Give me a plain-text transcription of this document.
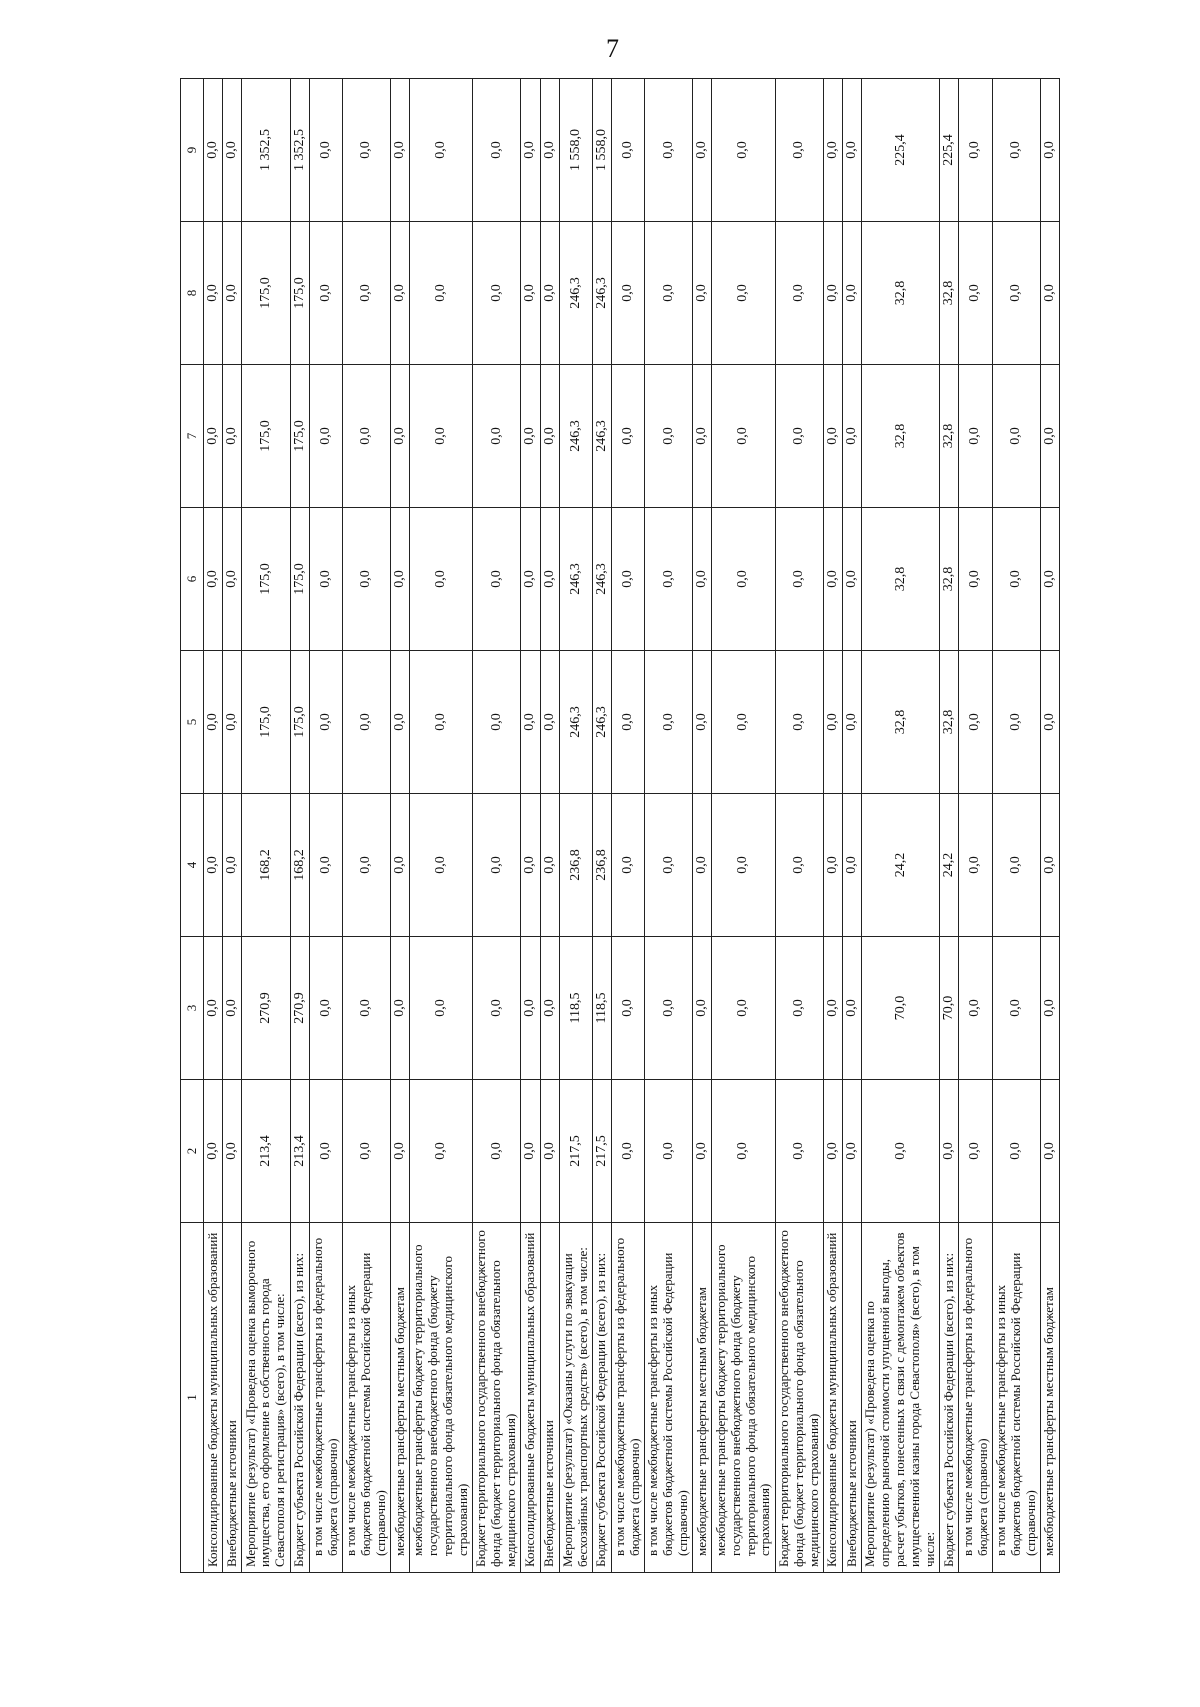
7
1	2	3	4	5	6	7	8	9
Консолидированные бюджеты муниципальных образований	0,0	0,0	0,0	0,0	0,0	0,0	0,0	0,0
Внебюджетные источники	0,0	0,0	0,0	0,0	0,0	0,0	0,0	0,0
Мероприятие (результат) «Проведена оценка выморочного имущества, его оформление в собственность города Севастополя и регистрация» (всего), в том числе:	213,4	270,9	168,2	175,0	175,0	175,0	175,0	1 352,5
Бюджет субъекта Российской Федерации (всего), из них:	213,4	270,9	168,2	175,0	175,0	175,0	175,0	1 352,5
в том числе межбюджетные трансферты из федерального бюджета (справочно)	0,0	0,0	0,0	0,0	0,0	0,0	0,0	0,0
в том числе межбюджетные трансферты из иных бюджетов бюджетной системы Российской Федерации (справочно)	0,0	0,0	0,0	0,0	0,0	0,0	0,0	0,0
межбюджетные трансферты местным бюджетам	0,0	0,0	0,0	0,0	0,0	0,0	0,0	0,0
межбюджетные трансферты бюджету территориального государственного внебюджетного фонда (бюджету территориального фонда обязательного медицинского страхования)	0,0	0,0	0,0	0,0	0,0	0,0	0,0	0,0
Бюджет территориального государственного внебюджетного фонда (бюджет территориального фонда обязательного медицинского страхования)	0,0	0,0	0,0	0,0	0,0	0,0	0,0	0,0
Консолидированные бюджеты муниципальных образований	0,0	0,0	0,0	0,0	0,0	0,0	0,0	0,0
Внебюджетные источники	0,0	0,0	0,0	0,0	0,0	0,0	0,0	0,0
Мероприятие (результат) «Оказаны услуги по эвакуации бесхозяйных транспортных средств» (всего), в том числе:	217,5	118,5	236,8	246,3	246,3	246,3	246,3	1 558,0
Бюджет субъекта Российской Федерации (всего), из них:	217,5	118,5	236,8	246,3	246,3	246,3	246,3	1 558,0
в том числе межбюджетные трансферты из федерального бюджета (справочно)	0,0	0,0	0,0	0,0	0,0	0,0	0,0	0,0
в том числе межбюджетные трансферты из иных бюджетов бюджетной системы Российской Федерации (справочно)	0,0	0,0	0,0	0,0	0,0	0,0	0,0	0,0
межбюджетные трансферты местным бюджетам	0,0	0,0	0,0	0,0	0,0	0,0	0,0	0,0
межбюджетные трансферты бюджету территориального государственного внебюджетного фонда (бюджету территориального фонда обязательного медицинского страхования)	0,0	0,0	0,0	0,0	0,0	0,0	0,0	0,0
Бюджет территориального государственного внебюджетного фонда (бюджет территориального фонда обязательного медицинского страхования)	0,0	0,0	0,0	0,0	0,0	0,0	0,0	0,0
Консолидированные бюджеты муниципальных образований	0,0	0,0	0,0	0,0	0,0	0,0	0,0	0,0
Внебюджетные источники	0,0	0,0	0,0	0,0	0,0	0,0	0,0	0,0
Мероприятие (результат) «Проведена оценка по определению рыночной стоимости упущенной выгоды, расчет убытков, понесенных в связи с демонтажем объектов имущественной казны города Севастополя» (всего), в том числе:	0,0	70,0	24,2	32,8	32,8	32,8	32,8	225,4
Бюджет субъекта Российской Федерации (всего), из них:	0,0	70,0	24,2	32,8	32,8	32,8	32,8	225,4
в том числе межбюджетные трансферты из федерального бюджета (справочно)	0,0	0,0	0,0	0,0	0,0	0,0	0,0	0,0
в том числе межбюджетные трансферты из иных бюджетов бюджетной системы Российской Федерации (справочно)	0,0	0,0	0,0	0,0	0,0	0,0	0,0	0,0
межбюджетные трансферты местным бюджетам	0,0	0,0	0,0	0,0	0,0	0,0	0,0	0,0
